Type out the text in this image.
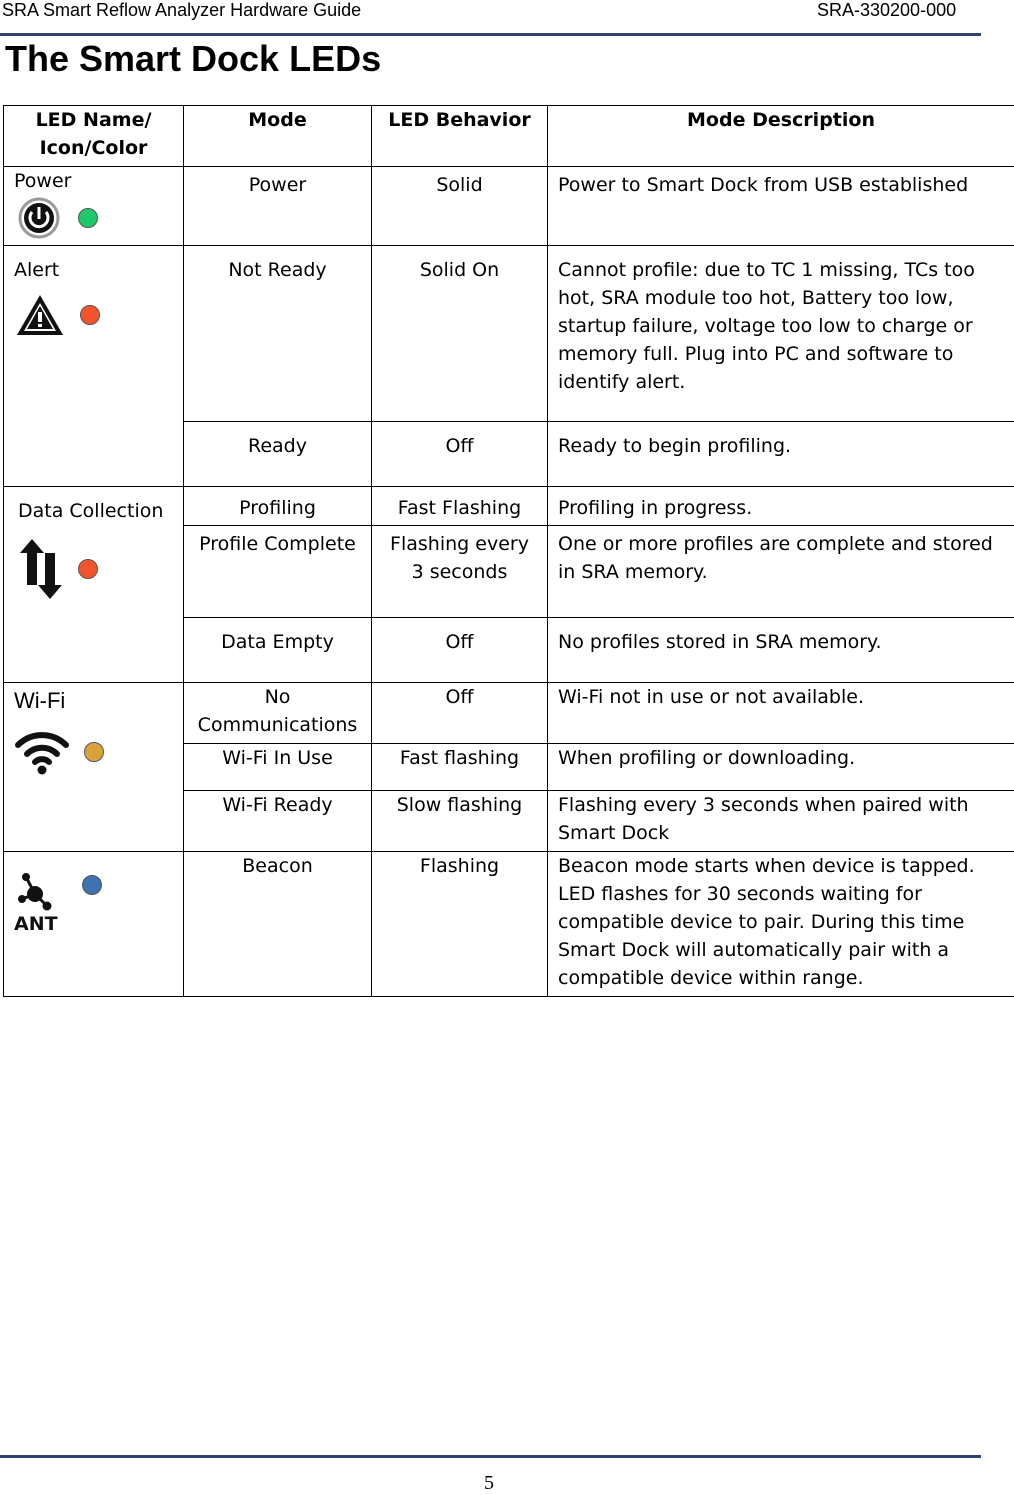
SRA Smart Reflow Analyzer Hardware Guide	SRA-330200-000
The Smart Dock LEDs
LED Name/ Icon/Color	Mode	LED Behavior	Mode Description

Power	Power	Solid	Power to Smart Dock from USB established

Alert	Not Ready	Solid On	Cannot profile: due to TC 1 missing, TCs too hot, SRA module too hot, Battery too low, startup failure, voltage too low to charge or memory full. Plug into PC and software to identify alert.
	Ready	Off	Ready to begin profiling.

Data Collection	Profiling	Fast Flashing	Profiling in progress.
	Profile Complete	Flashing every 3 seconds	One or more profiles are complete and stored in SRA memory.
	Data Empty	Off	No profiles stored in SRA memory.

Wi-Fi	No Communications	Off	Wi-Fi not in use or not available.
	Wi-Fi In Use	Fast flashing	When profiling or downloading.
	Wi-Fi Ready	Slow flashing	Flashing every 3 seconds when paired with Smart Dock

ANT	Beacon	Flashing	Beacon mode starts when device is tapped. LED flashes for 30 seconds waiting for compatible device to pair. During this time Smart Dock will automatically pair with a compatible device within range.
5
